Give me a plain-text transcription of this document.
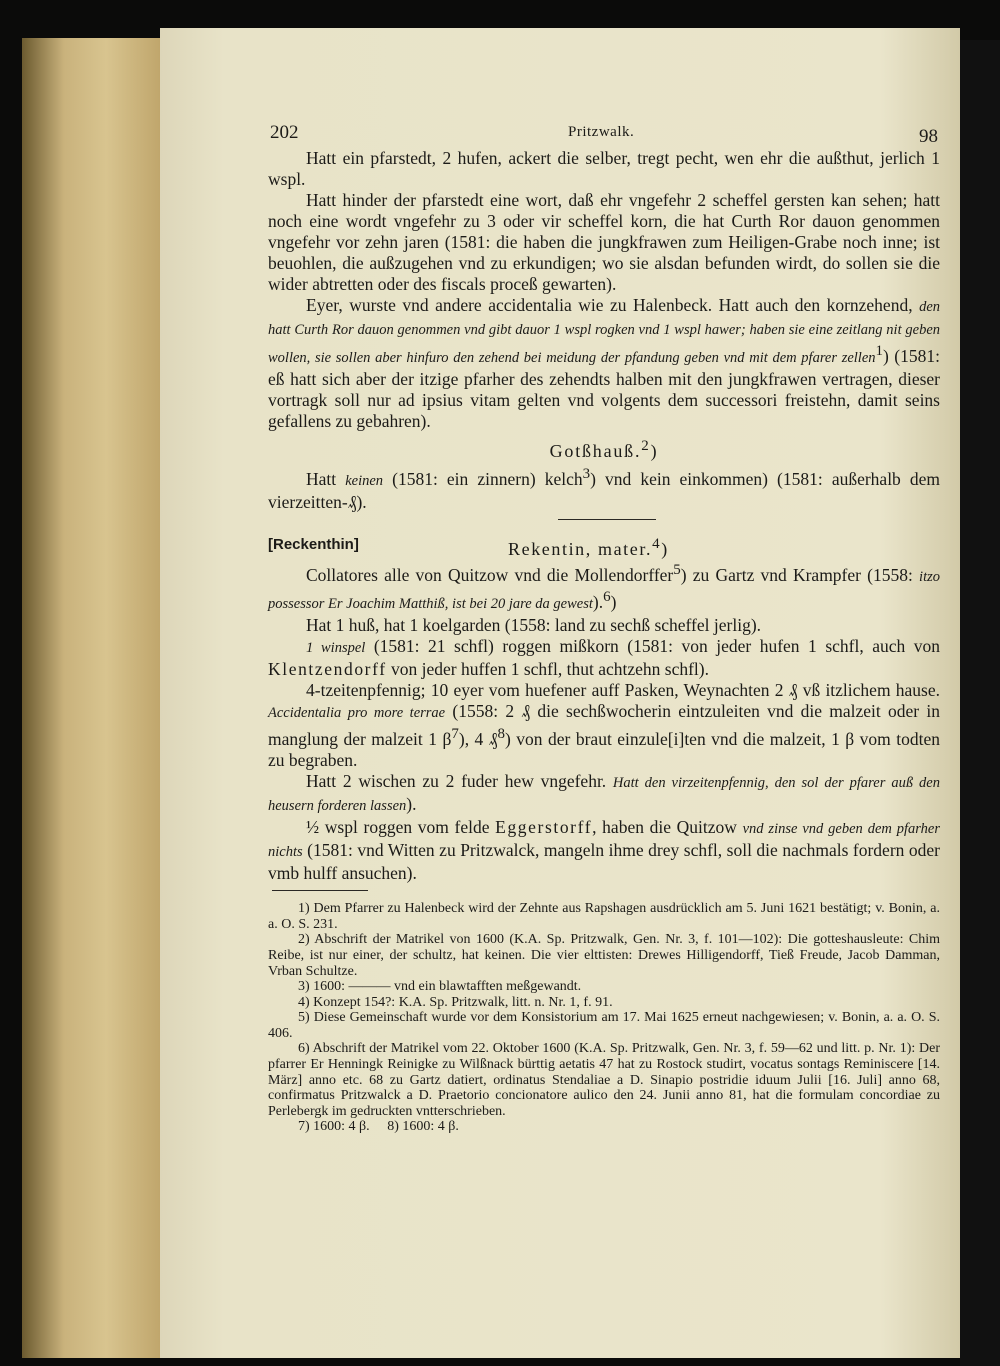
202	Pritzwalk.	98

Hatt ein pfarstedt, 2 hufen, ackert die selber, tregt pecht, wen ehr die außthut, jerlich 1 wspl.

Hatt hinder der pfarstedt eine wort, daß ehr vngefehr 2 scheffel gersten kan sehen; hatt noch eine wordt vngefehr zu 3 oder vir scheffel korn, die hat Curth Ror dauon genommen vngefehr vor zehn jaren (1581: die haben die jungkfrawen zum Heiligen-Grabe noch inne; ist beuohlen, die außzugehen vnd zu erkundigen; wo sie alsdan befunden wirdt, do sollen sie die wider abtretten oder des fiscals proceß gewarten).

Eyer, wurste vnd andere accidentalia wie zu Halenbeck. Hatt auch den kornzehend, den hatt Curth Ror dauon genommen vnd gibt dauor 1 wspl rogken vnd 1 wspl hawer; haben sie eine zeitlang nit geben wollen, sie sollen aber hinfuro den zehend bei meidung der pfandung geben vnd mit dem pfarer zellen$^1$) (1581: eß hatt sich aber der itzige pfarher des zehendts halben mit den jungkfrawen vertragen, dieser vortragk soll nur ad ipsius vitam gelten vnd volgents dem successori freistehn, damit seins gefallens zu gebahren).

Gotßhauß.$^2$)

Hatt keinen (1581: ein zinnern) kelch$^3$) vnd kein einkommen) (1581: außerhalb dem vierzeitten-₰).

[Reckenthin]	Rekentin, mater.$^4$)

Collatores alle von Quitzow vnd die Mollendorffer$^5$) zu Gartz vnd Krampfer (1558: itzo possessor Er Joachim Matthiß, ist bei 20 jare da gewest).$^6$)

Hat 1 huß, hat 1 koelgarden (1558: land zu sechß scheffel jerlig).

1 winspel (1581: 21 schfl) roggen mißkorn (1581: von jeder hufen 1 schfl, auch von Klentzendorff von jeder huffen 1 schfl, thut achtzehn schfl).

4-tzeitenpfennig; 10 eyer vom huefener auff Pasken, Weynachten 2 ₰ vß itzlichem hause. Accidentalia pro more terrae (1558: 2 ₰ die sechßwocherin eintzuleiten vnd die malzeit oder in manglung der malzeit 1 $\beta^7$), 4 ₰$^8$) von der braut einzule[i]ten vnd die malzeit, 1 β vom todten zu begraben.

Hatt 2 wischen zu 2 fuder hew vngefehr. Hatt den virzeitenpfennig, den sol der pfarer auß den heusern forderen lassen).

½ wspl roggen vom felde Eggerstorff, haben die Quitzow vnd zinse vnd geben dem pfarher nichts (1581: vnd Witten zu Pritzwalck, mangeln ihme drey schfl, soll die nachmals fordern oder vmb hulff ansuchen).

1) Dem Pfarrer zu Halenbeck wird der Zehnte aus Rapshagen ausdrücklich am 5. Juni 1621 bestätigt; v. Bonin, a. a. O. S. 231.

2) Abschrift der Matrikel von 1600 (K.A. Sp. Pritzwalk, Gen. Nr. 3, f. 101—102): Die gotteshausleute: Chim Reibe, ist nur einer, der schultz, hat keinen. Die vier elttisten: Drewes Hilligendorff, Tieß Freude, Jacob Damman, Vrban Schultze.

3) 1600: ——— vnd ein blawtafften meßgewandt.

4) Konzept 154?: K.A. Sp. Pritzwalk, litt. n. Nr. 1, f. 91.

5) Diese Gemeinschaft wurde vor dem Konsistorium am 17. Mai 1625 erneut nachgewiesen; v. Bonin, a. a. O. S. 406.

6) Abschrift der Matrikel vom 22. Oktober 1600 (K.A. Sp. Pritzwalk, Gen. Nr. 3, f. 59—62 und litt. p. Nr. 1): Der pfarrer Er Henningk Reinigke zu Wilßnack bürttig aetatis 47 hat zu Rostock studirt, vocatus sontags Reminiscere [14. März] anno etc. 68 zu Gartz datiert, ordinatus Stendaliae a D. Sinapio postridie iduum Julii [16. Juli] anno 68, confirmatus Pritzwalck a D. Praetorio concionatore aulico den 24. Junii anno 81, hat die formulam concordiae zu Perlebergk im gedruckten vntterschrieben.

7) 1600: 4 β. 8) 1600: 4 β.
